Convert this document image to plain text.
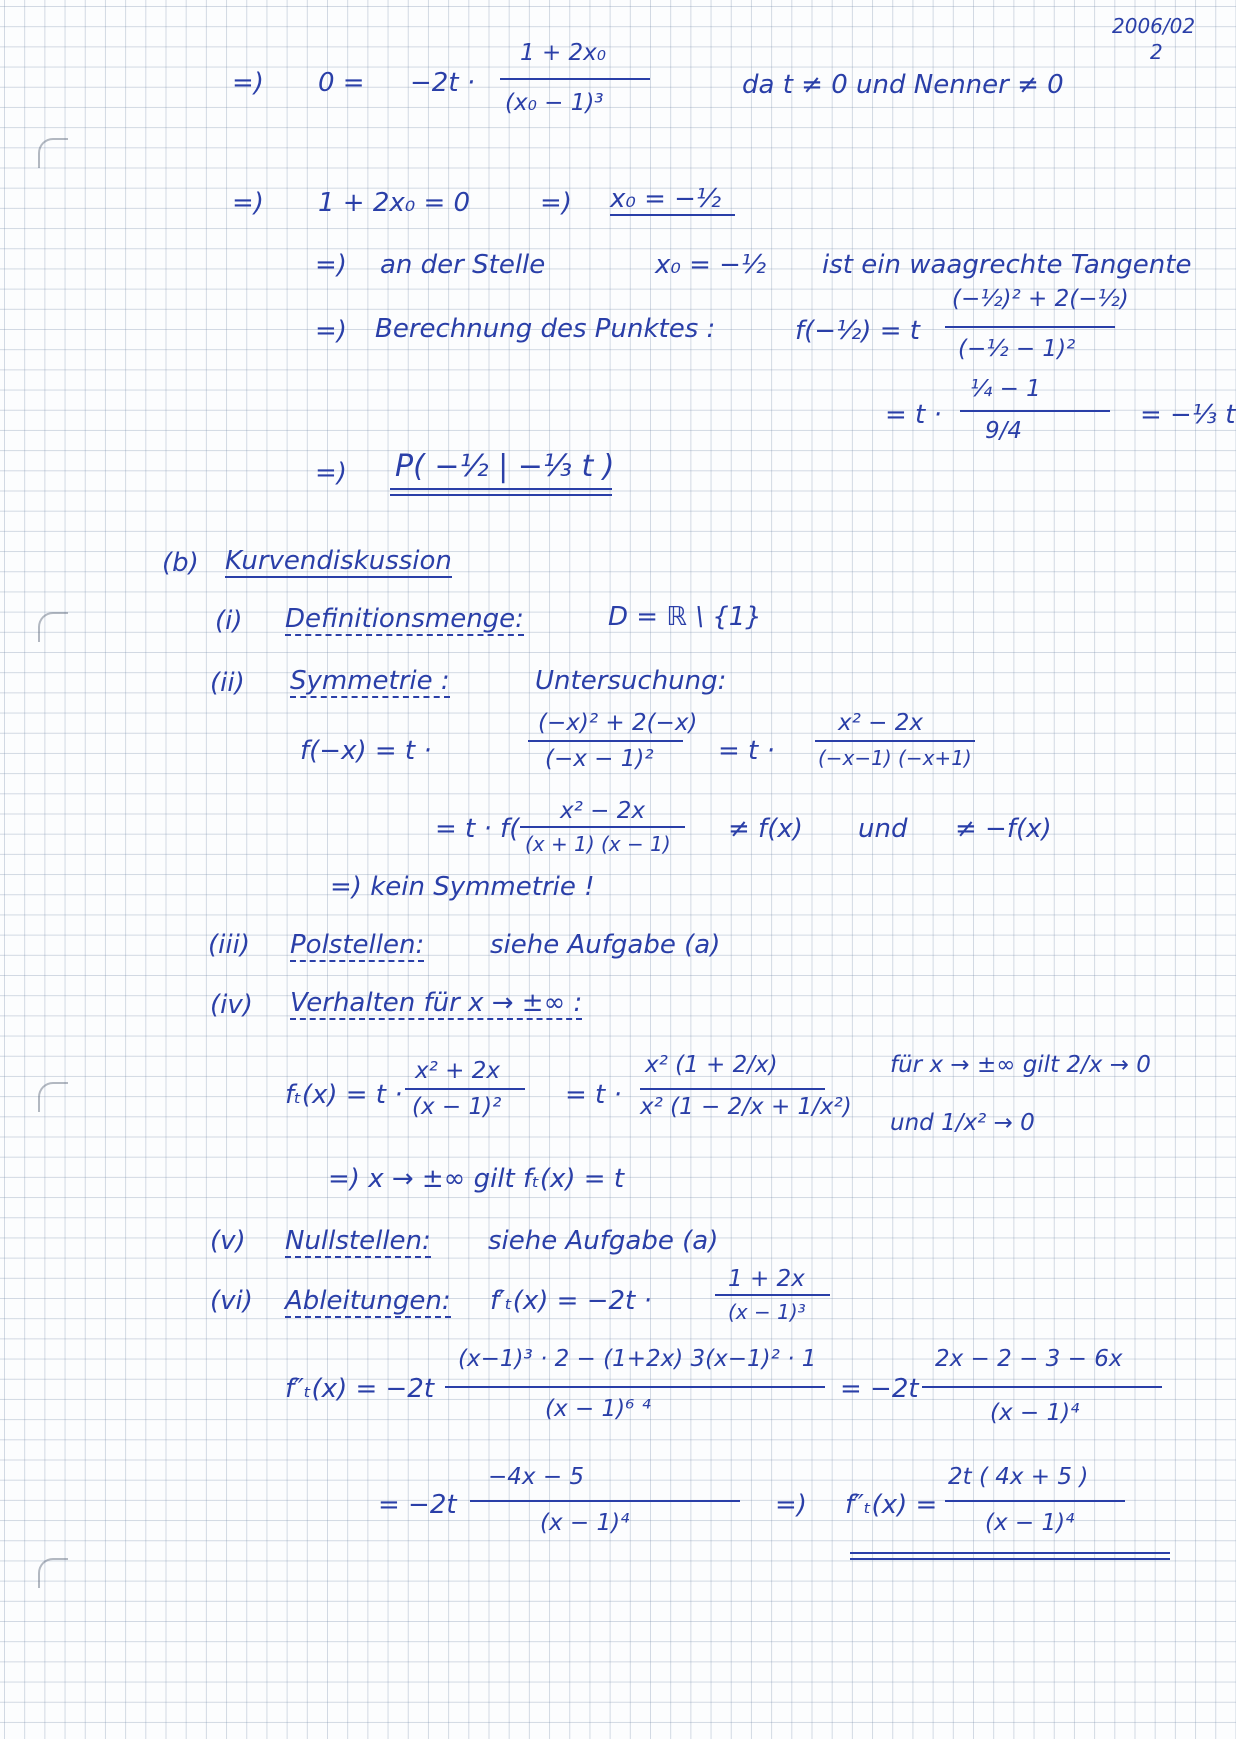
2006/02
2
=) 0 = −2t ·
1 + 2x₀
(x₀ − 1)³
da t ≠ 0 und Nenner ≠ 0
=) 1 + 2x₀ = 0	=) x₀ = −½
=) an der Stelle	x₀ = −½ ist ein waagrechte Tangente
=) Berechnung des Punktes :	f(−½) = t
(−½)² + 2(−½)
(−½ − 1)²
= t ·
¼ − 1
9/4
= −⅓ t
=) P( −½ | −⅓ t )
(b) Kurvendiskussion
(i) Definitionsmenge:	D = ℝ \ {1}
(ii) Symmetrie :	Untersuchung:
f(−x) = t ·
(−x)² + 2(−x)
(−x − 1)² = t ·
x² − 2x
(−x−1) (−x+1)
= t · f(
x² − 2x
(x + 1) (x − 1) ≠ f(x) und ≠ −f(x)
=) kein Symmetrie !
(iii) Polstellen:	siehe Aufgabe (a)
(iv) Verhalten für x → ±∞ :
fₜ(x) = t ·
x² + 2x
(x − 1)² = t ·
x² (1 + 2/x)
x² (1 − 2/x + 1/x²)
für x → ±∞ gilt 2/x → 0
und 1/x² → 0
=) x → ±∞ gilt fₜ(x) = t
(v) Nullstellen: siehe Aufgabe (a)
(vi) Ableitungen: f′ₜ(x) = −2t ·
1 + 2x
(x − 1)³
f″ₜ(x) = −2t
(x−1)³ · 2 − (1+2x) 3(x−1)² · 1
(x − 1)⁶ ⁴
= −2t
2x − 2 − 3 − 6x
(x − 1)⁴
= −2t
−4x − 5
(x − 1)⁴
=) f″ₜ(x) =
2t ( 4x + 5 )
(x − 1)⁴
